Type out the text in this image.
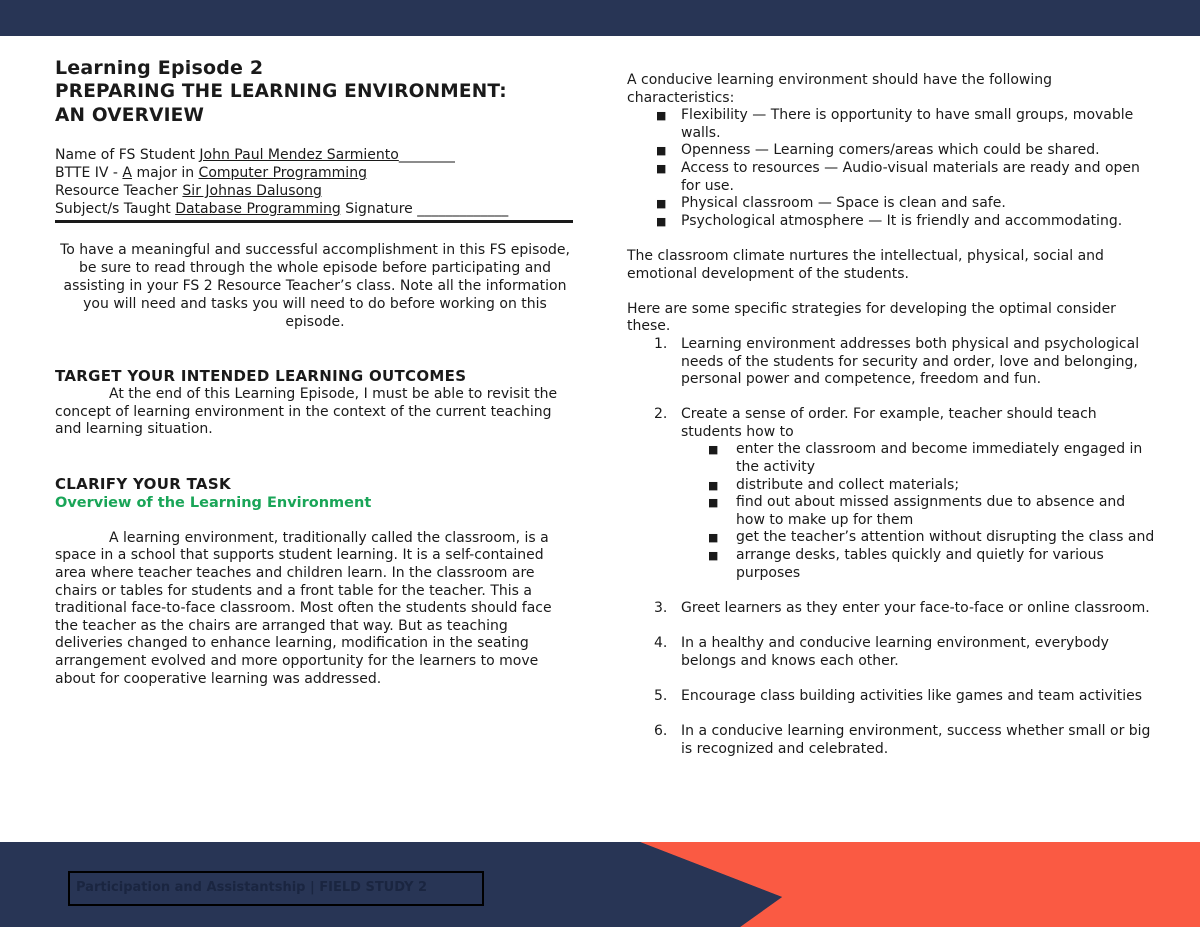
Learning Episode 2
PREPARING THE LEARNING ENVIRONMENT:
AN OVERVIEW
Name of FS Student John Paul Mendez Sarmiento________
BTTE IV - A major in Computer Programming
Resource Teacher Sir Johnas Dalusong
Subject/s Taught Database Programming Signature _____________

To have a meaningful and successful accomplishment in this FS episode, be sure to read through the whole episode before participating and assisting in your FS 2 Resource Teacher’s class. Note all the information you will need and tasks you will need to do before working on this episode.

TARGET YOUR INTENDED LEARNING OUTCOMES

At the end of this Learning Episode, I must be able to revisit the concept of learning environment in the context of the current teaching and learning situation.

CLARIFY YOUR TASK
Overview of the Learning Environment

A learning environment, traditionally called the classroom, is a space in a school that supports student learning. It is a self-contained area where teacher teaches and children learn. In the classroom are chairs or tables for students and a front table for the teacher. This a traditional face-to-face classroom. Most often the students should face the teacher as the chairs are arranged that way. But as teaching deliveries changed to enhance learning, modification in the seating arrangement evolved and more opportunity for the learners to move about for cooperative learning was addressed.

A conducive learning environment should have the following characteristics:

■ Flexibility — There is opportunity to have small groups, movable walls.
■ Openness — Learning comers/areas which could be shared.
■ Access to resources — Audio-visual materials are ready and open for use.
■ Physical classroom — Space is clean and safe.
■ Psychological atmosphere — It is friendly and accommodating.

The classroom climate nurtures the intellectual, physical, social and emotional development of the students.

Here are some specific strategies for developing the optimal consider these.

1. Learning environment addresses both physical and psychological needs of the students for security and order, love and belonging, personal power and competence, freedom and fun.
2. Create a sense of order. For example, teacher should teach students how to
■ enter the classroom and become immediately engaged in the activity
■ distribute and collect materials;
■ find out about missed assignments due to absence and how to make up for them
■ get the teacher’s attention without disrupting the class and
■ arrange desks, tables quickly and quietly for various purposes
3. Greet learners as they enter your face-to-face or online classroom.
4. In a healthy and conducive learning environment, everybody belongs and knows each other.
5. Encourage class building activities like games and team activities
6. In a conducive learning environment, success whether small or big is recognized and celebrated.
Participation and Assistantship | FIELD STUDY 2
